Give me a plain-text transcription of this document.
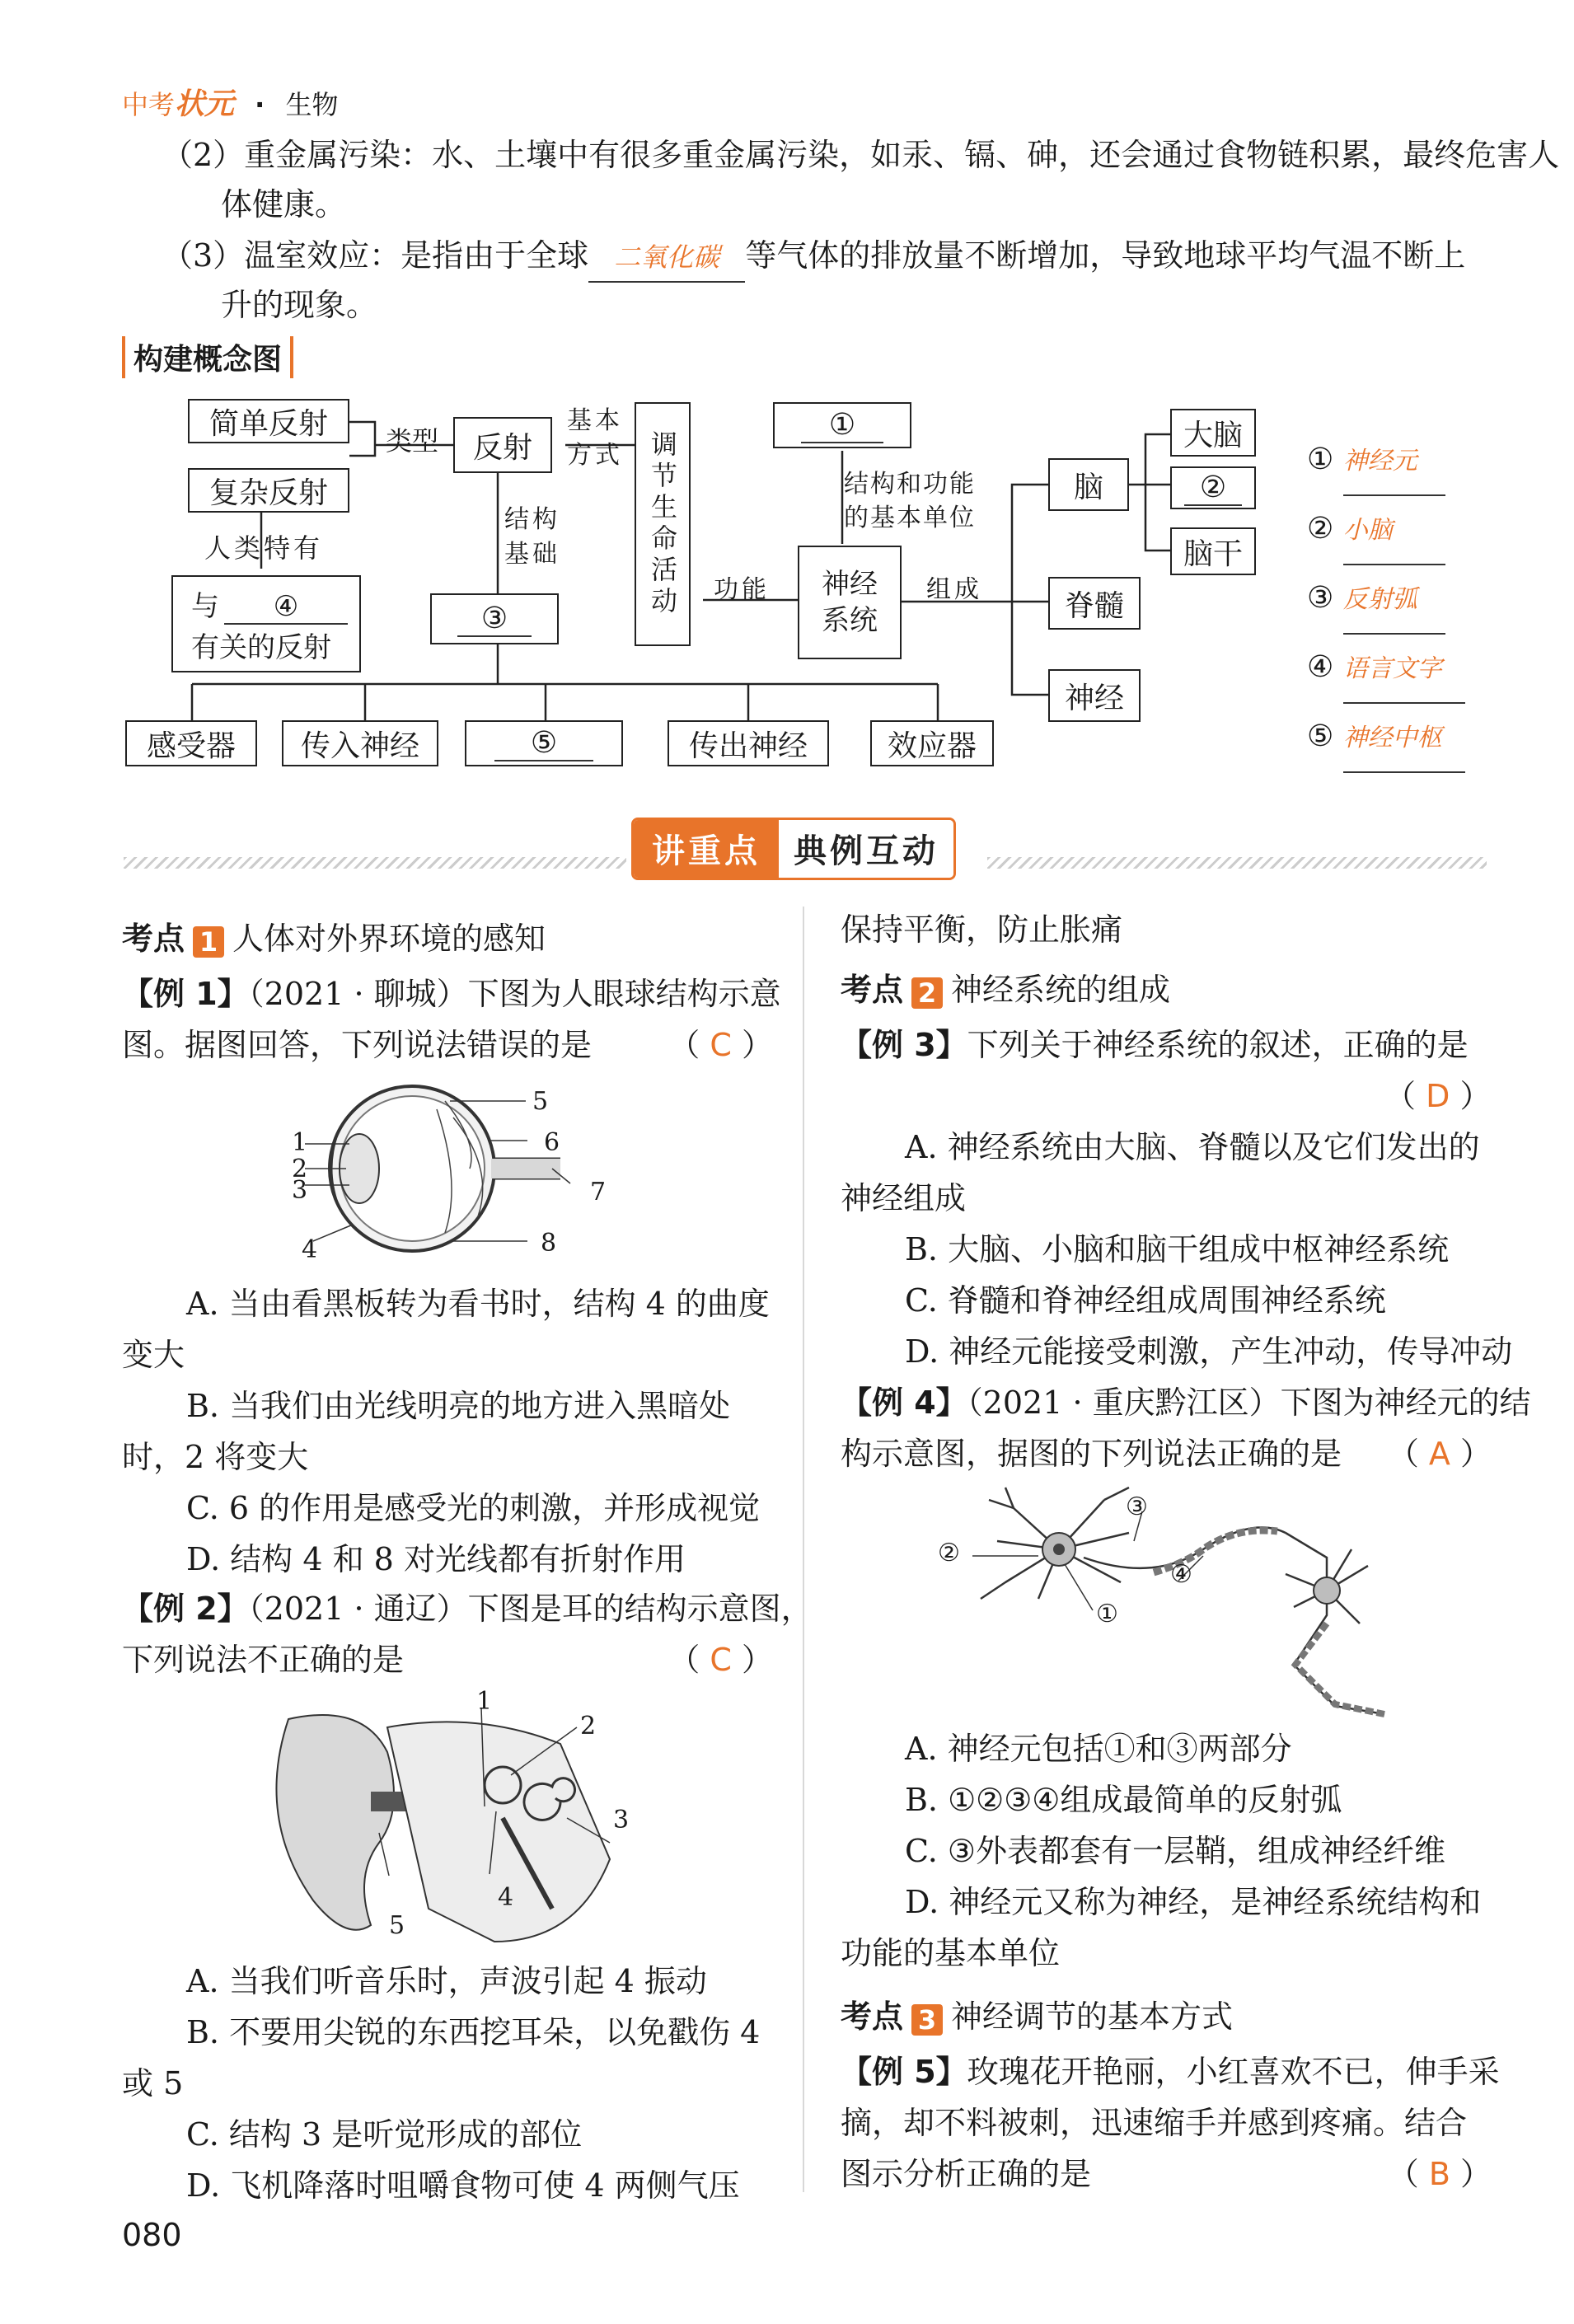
中考状元 · 生物
（2）重金属污染：水、土壤中有很多重金属污染，如汞、镉、砷，还会通过食物链积累，最终危害人
体健康。
（3）温室效应：是指由于全球 二氧化碳 等气体的排放量不断增加，导致地球平均气温不断上
升的现象。
构建概念图
简单反射
复杂反射
类型	反射
基本方式 调节生命活动
结构基础
人类特有
与 ④
有关的反射
③
功能
①
结构和功能的基本单位
神经系统
组成
脑
脊髓
神经
大脑
②
脑干
感受器	传入神经	⑤	传出神经	效应器
① 神经元
② 小脑
③ 反射弧
④ 语言文字
⑤ 神经中枢
讲重点	典例互动
考点 1 人体对外界环境的感知
【例 1】（2021 · 聊城）下图为人眼球结构示意
图。据图回答，下列说法错误的是 （ C ）
1
2
3
4
5
6
7
8
A. 当由看黑板转为看书时，结构 4 的曲度
变大
B. 当我们由光线明亮的地方进入黑暗处
时，2 将变大
C. 6 的作用是感受光的刺激，并形成视觉
D. 结构 4 和 8 对光线都有折射作用
【例 2】（2021 · 通辽）下图是耳的结构示意图，
下列说法不正确的是	（ C ）
1
2
3
4
5
A. 当我们听音乐时，声波引起 4 振动
B. 不要用尖锐的东西挖耳朵，以免戳伤 4
或 5
C. 结构 3 是听觉形成的部位
D. 飞机降落时咀嚼食物可使 4 两侧气压
保持平衡，防止胀痛
考点 2 神经系统的组成
【例 3】下列关于神经系统的叙述，正确的是
（ D ）
A. 神经系统由大脑、脊髓以及它们发出的
神经组成
B. 大脑、小脑和脑干组成中枢神经系统
C. 脊髓和脊神经组成周围神经系统
D. 神经元能接受刺激，产生冲动，传导冲动
【例 4】（2021 · 重庆黔江区）下图为神经元的结
构示意图，据图的下列说法正确的是 （ A ）
②
①
③
④
A. 神经元包括①和③两部分
B. ①②③④组成最简单的反射弧
C. ③外表都套有一层鞘，组成神经纤维
D. 神经元又称为神经，是神经系统结构和
功能的基本单位
考点 3 神经调节的基本方式
【例 5】玫瑰花开艳丽，小红喜欢不已，伸手采
摘，却不料被刺，迅速缩手并感到疼痛。结合
图示分析正确的是	（ B ）
080
